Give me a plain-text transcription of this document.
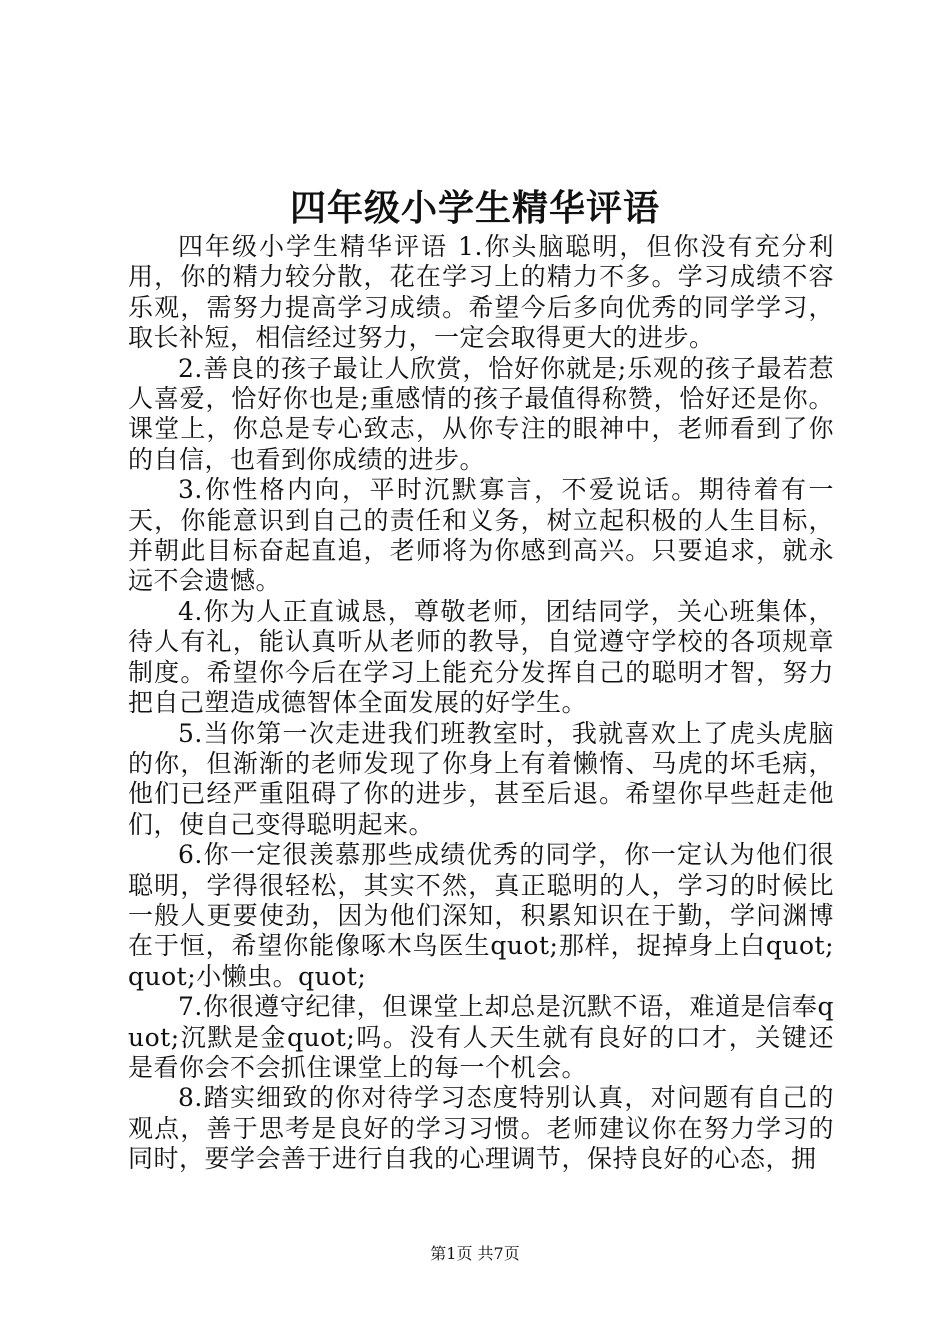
四年级小学生精华评语

四年级小学生精华评语 1.你头脑聪明，但你没有充分利用，你的精力较分散，花在学习上的精力不多。学习成绩不容乐观，需努力提高学习成绩。希望今后多向优秀的同学学习，取长补短，相信经过努力，一定会取得更大的进步。

2.善良的孩子最让人欣赏，恰好你就是;乐观的孩子最若惹人喜爱，恰好你也是;重感情的孩子最值得称赞，恰好还是你。课堂上，你总是专心致志，从你专注的眼神中，老师看到了你的自信，也看到你成绩的进步。

3.你性格内向，平时沉默寡言，不爱说话。期待着有一天，你能意识到自己的责任和义务，树立起积极的人生目标，并朝此目标奋起直追，老师将为你感到高兴。只要追求，就永远不会遗憾。

4.你为人正直诚恳，尊敬老师，团结同学，关心班集体，待人有礼，能认真听从老师的教导，自觉遵守学校的各项规章制度。希望你今后在学习上能充分发挥自己的聪明才智，努力把自己塑造成德智体全面发展的好学生。

5.当你第一次走进我们班教室时，我就喜欢上了虎头虎脑的你，但渐渐的老师发现了你身上有着懒惰、马虎的坏毛病，他们已经严重阻碍了你的进步，甚至后退。希望你早些赶走他们，使自己变得聪明起来。

6.你一定很羡慕那些成绩优秀的同学，你一定认为他们很聪明，学得很轻松，其实不然，真正聪明的人，学习的时候比一般人更要使劲，因为他们深知，积累知识在于勤，学问渊博在于恒，希望你能像啄木鸟医生quot;那样，捉掉身上白quot;quot;小懒虫。quot;

7.你很遵守纪律，但课堂上却总是沉默不语，难道是信奉quot;沉默是金quot;吗。没有人天生就有良好的口才，关键还是看你会不会抓住课堂上的每一个机会。

8.踏实细致的你对待学习态度特别认真，对问题有自己的观点，善于思考是良好的学习习惯。老师建议你在努力学习的同时，要学会善于进行自我的心理调节，保持良好的心态，拥

第1页 共7页
